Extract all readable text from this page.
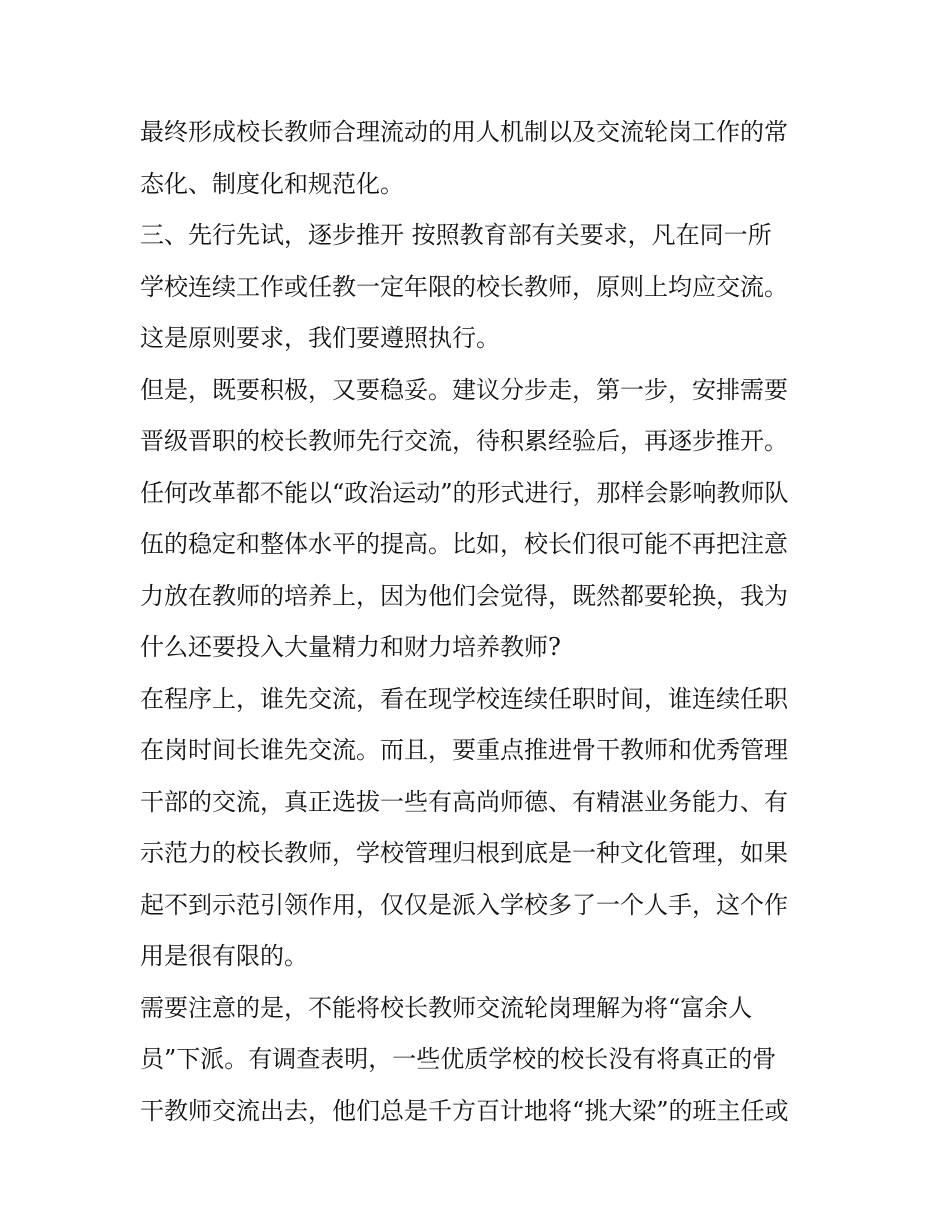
最终形成校长教师合理流动的用人机制以及交流轮岗工作的常
态化、制度化和规范化。
三、先行先试，逐步推开 按照教育部有关要求，凡在同一所
学校连续工作或任教一定年限的校长教师，原则上均应交流。
这是原则要求，我们要遵照执行。
但是，既要积极，又要稳妥。建议分步走，第一步，安排需要
晋级晋职的校长教师先行交流，待积累经验后，再逐步推开。
任何改革都不能以“政治运动”的形式进行，那样会影响教师队
伍的稳定和整体水平的提高。比如，校长们很可能不再把注意
力放在教师的培养上，因为他们会觉得，既然都要轮换，我为
什么还要投入大量精力和财力培养教师?
在程序上，谁先交流，看在现学校连续任职时间，谁连续任职
在岗时间长谁先交流。而且，要重点推进骨干教师和优秀管理
干部的交流，真正选拔一些有高尚师德、有精湛业务能力、有
示范力的校长教师，学校管理归根到底是一种文化管理，如果
起不到示范引领作用，仅仅是派入学校多了一个人手，这个作
用是很有限的。
需要注意的是，不能将校长教师交流轮岗理解为将“富余人
员”下派。有调查表明，一些优质学校的校长没有将真正的骨
干教师交流出去，他们总是千方百计地将“挑大梁”的班主任或
